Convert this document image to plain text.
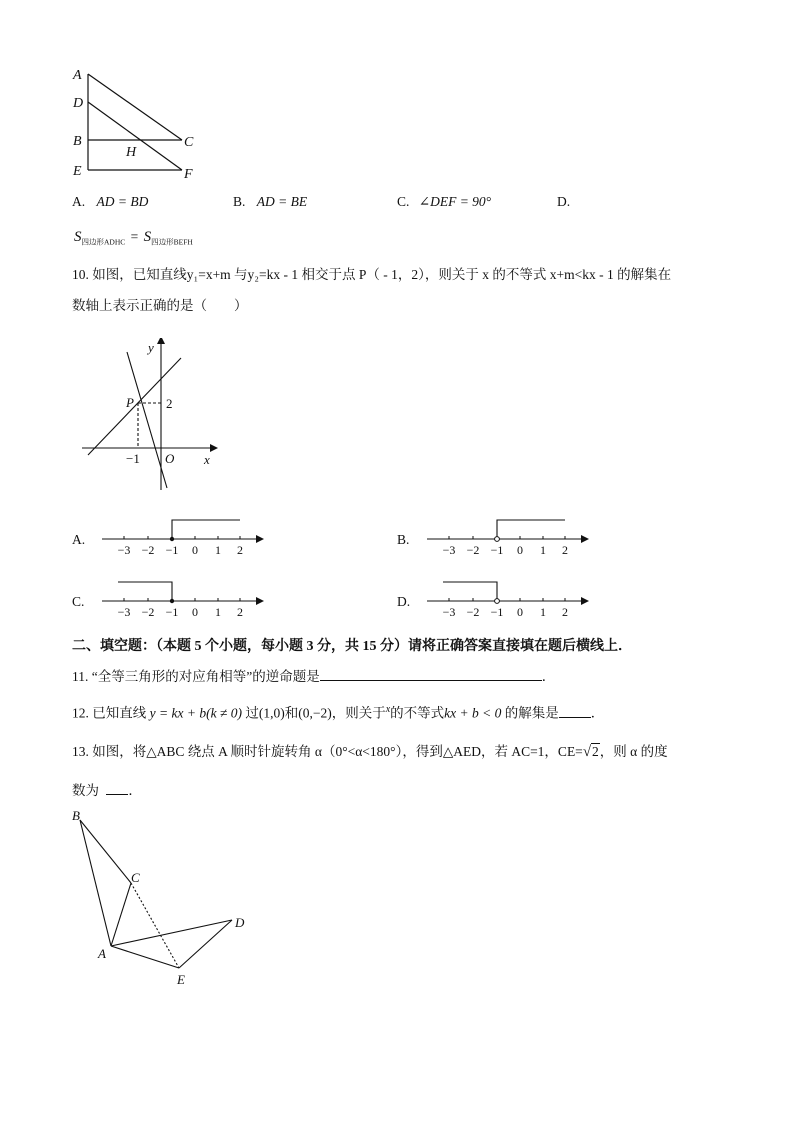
A
D
B
E
H
C
F
A. AD = BD	B. AD = BE	C. ∠DEF = 90°	D.
$S_{四边形ADHC} = S_{四边形BEFH}$
10. 如图，已知直线y₁=x+m 与y₂=kx - 1 相交于点 P（ - 1，2），则关于 x 的不等式 x+m<kx - 1 的解集在
数轴上表示正确的是（　　）
y
x
P 2
−1 O
A.
−3 −2 −1 0 1 2
B.
−3 −2 −1 0 1 2
C.
−3 −2 −1 0 1 2
D.
−3 −2 −1 0 1 2
二、填空题：（本题 5 个小题，每小题 3 分，共 15 分）请将正确答案直接填在题后横线上．
11. “全等三角形的对应角相等”的逆命题是	．
12. 已知直线 y = kx + b(k ≠ 0) 过(1,0)和(0,−2)，则关于$^x$的不等式kx + b < 0 的解集是 ．
13. 如图，将△ABC 绕点 A 顺时针旋转角 α（0°<α<180°），得到△AED，若 AC=1，CE=√2，则 α 的度
数为 ．
B
C
A
D
E
